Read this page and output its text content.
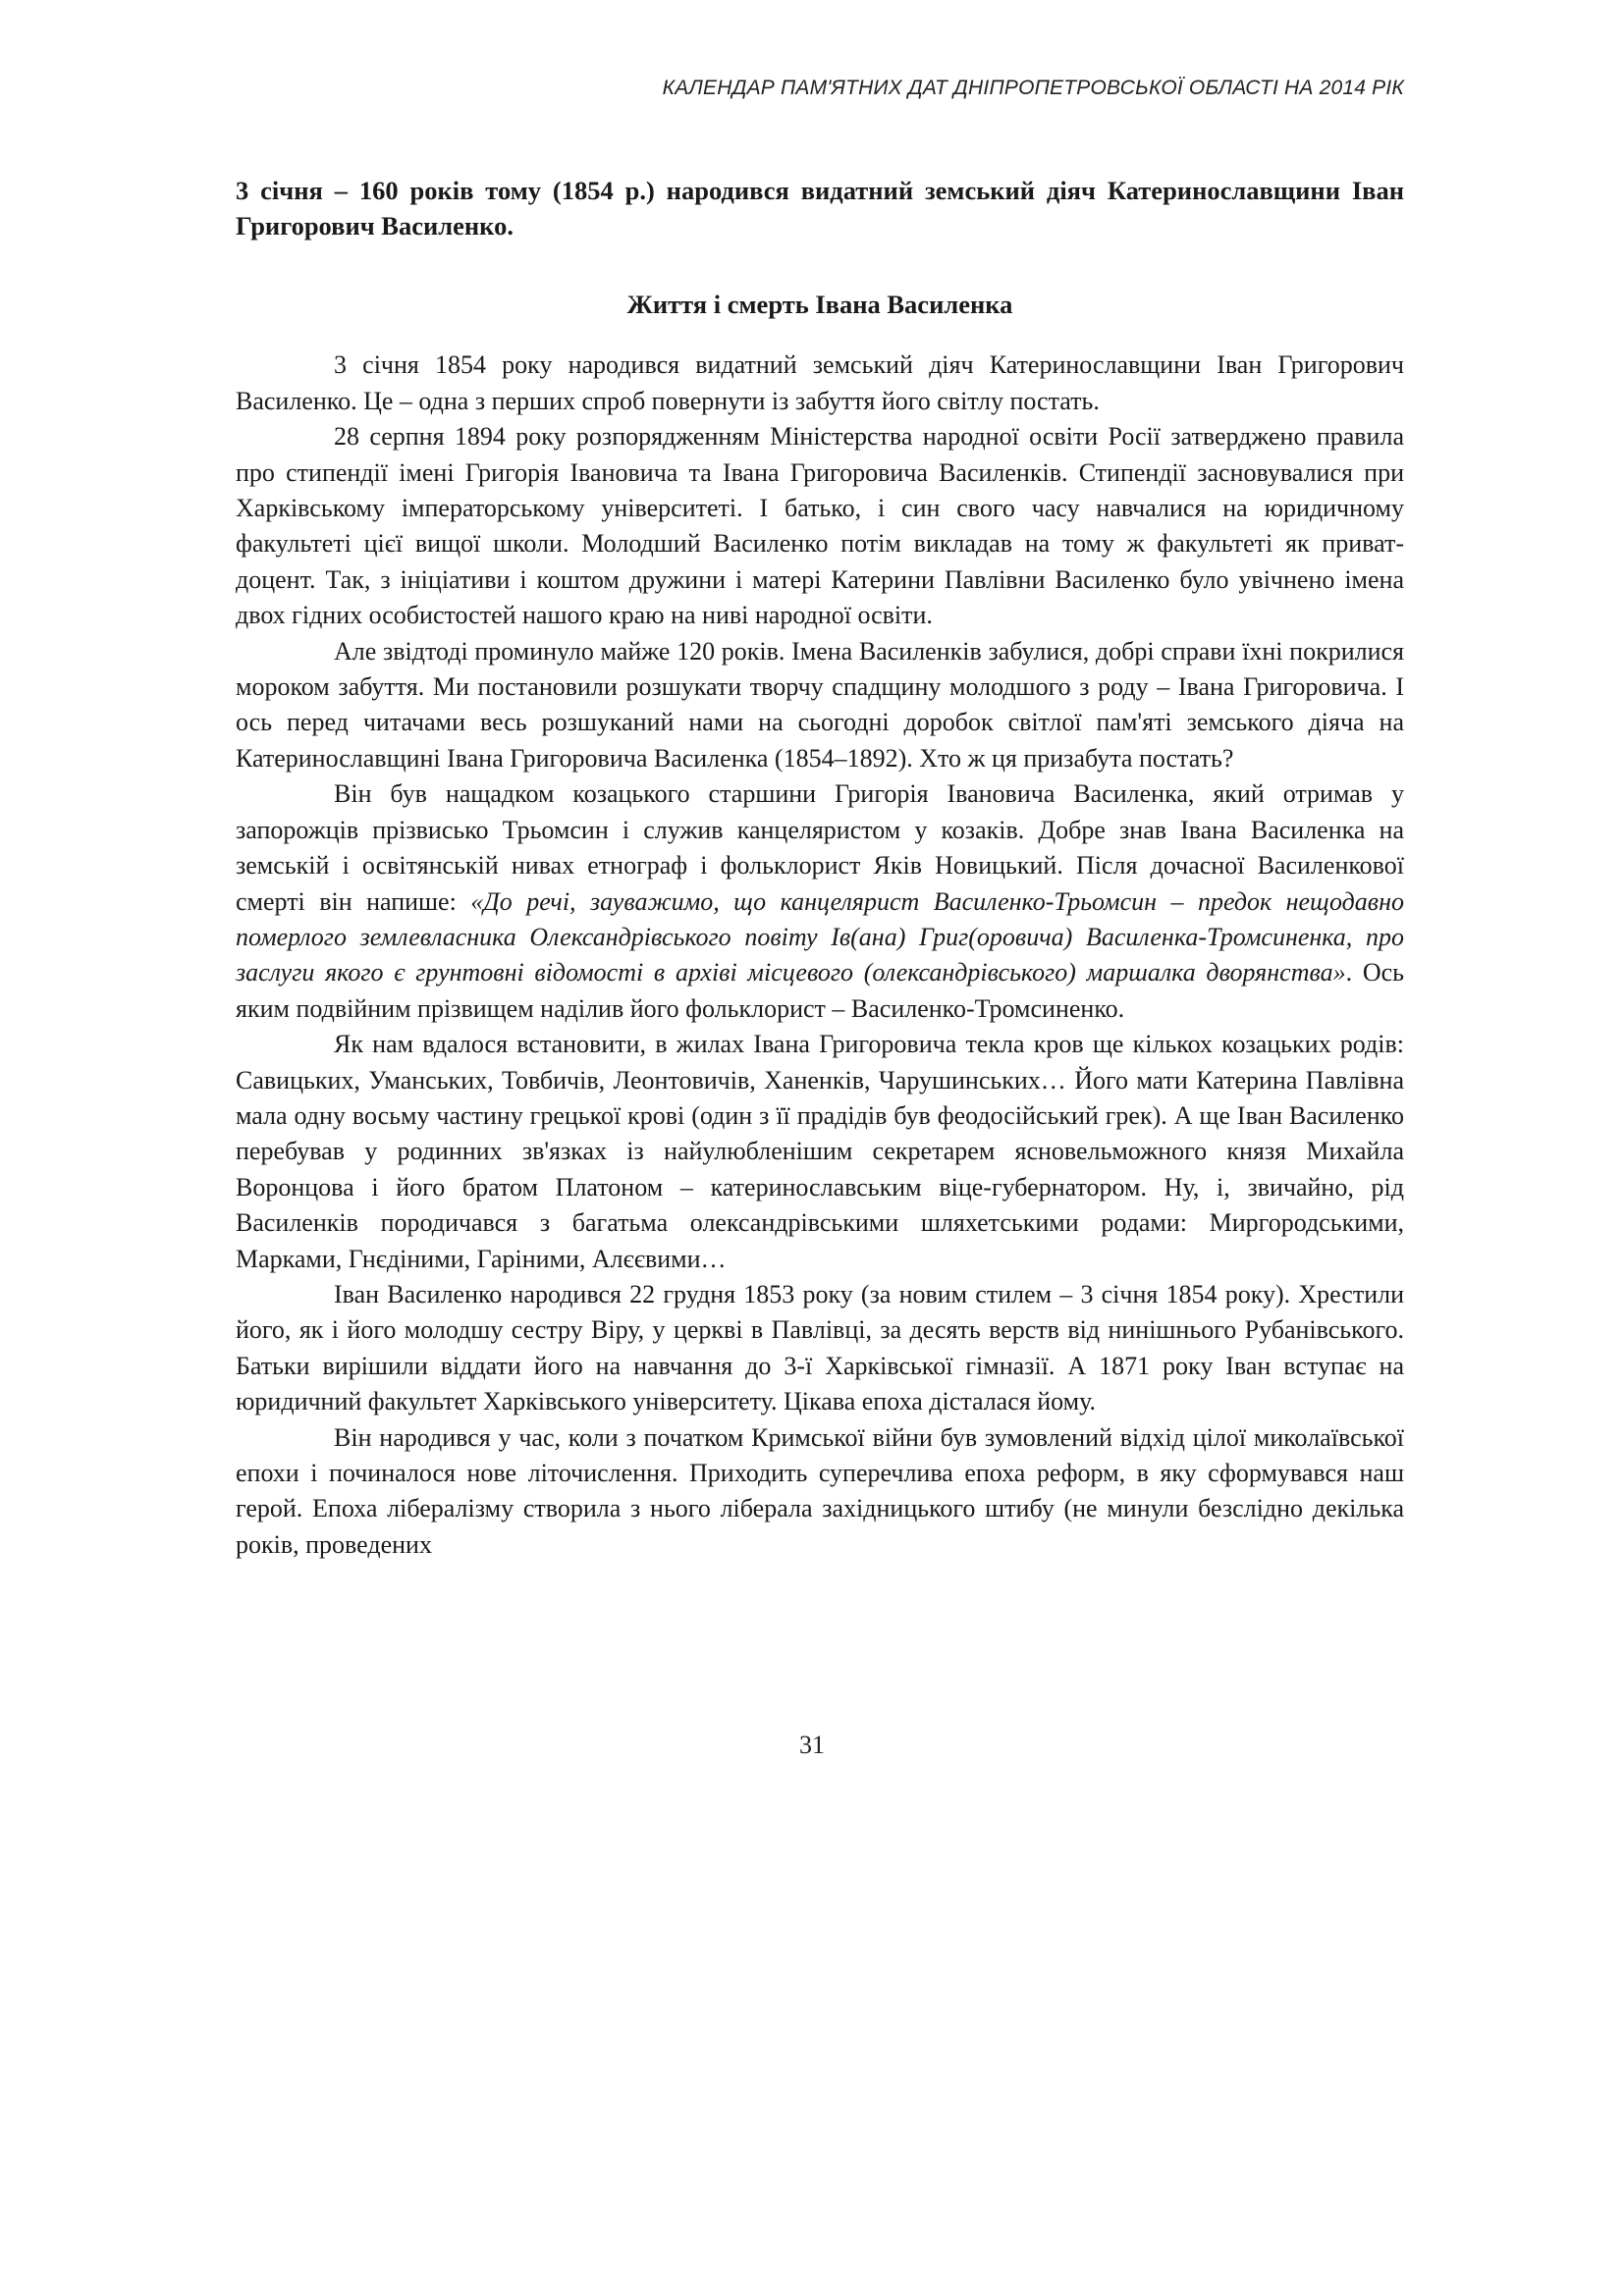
КАЛЕНДАР ПАМ'ЯТНИХ ДАТ ДНІПРОПЕТРОВСЬКОЇ ОБЛАСТІ НА 2014 РІК

3 січня – 160 років тому (1854 р.) народився видатний земський діяч Катеринославщини Іван Григорович Василенко.

Життя і смерть Івана Василенка

3 січня 1854 року народився видатний земський діяч Катеринославщини Іван Григорович Василенко. Це – одна з перших спроб повернути із забуття його світлу постать.

28 серпня 1894 року розпорядженням Міністерства народної освіти Росії затверджено правила про стипендії імені Григорія Івановича та Івана Григоровича Василенків. Стипендії засновувалися при Харківському імператорському університеті. І батько, і син свого часу навчалися на юридичному факультеті цієї вищої школи. Молодший Василенко потім викладав на тому ж факультеті як приват-доцент. Так, з ініціативи і коштом дружини і матері Катерини Павлівни Василенко було увічнено імена двох гідних особистостей нашого краю на ниві народної освіти.

Але звідтоді проминуло майже 120 років. Імена Василенків забулися, добрі справи їхні покрилися мороком забуття. Ми постановили розшукати творчу спадщину молодшого з роду – Івана Григоровича. І ось перед читачами весь розшуканий нами на сьогодні доробок світлої пам'яті земського діяча на Катеринославщині Івана Григоровича Василенка (1854–1892). Хто ж ця призабута постать?

Він був нащадком козацького старшини Григорія Івановича Василенка, який отримав у запорожців прізвисько Трьомсин і служив канцеляристом у козаків. Добре знав Івана Василенка на земській і освітянській нивах етнограф і фольклорист Яків Новицький. Після дочасної Василенкової смерті він напише: «До речі, зауважимо, що канцелярист Василенко-Трьомсин – предок нещодавно померлого землевласника Олександрівського повіту Ів(ана) Григ(оровича) Василенка-Тромсиненка, про заслуги якого є грунтовні відомості в архіві місцевого (олександрівського) маршалка дворянства». Ось яким подвійним прізвищем наділив його фольклорист – Василенко-Тромсиненко.

Як нам вдалося встановити, в жилах Івана Григоровича текла кров ще кількох козацьких родів: Савицьких, Уманських, Товбичів, Леонтовичів, Ханенків, Чарушинських… Його мати Катерина Павлівна мала одну восьму частину грецької крові (один з її прадідів був феодосійський грек). А ще Іван Василенко перебував у родинних зв'язках із найулюбленішим секретарем ясновельможного князя Михайла Воронцова і його братом Платоном – катеринославським віце-губернатором. Ну, і, звичайно, рід Василенків породичався з багатьма олександрівськими шляхетськими родами: Миргородськими, Марками, Гнєдіними, Гаріними, Алєєвими…

Іван Василенко народився 22 грудня 1853 року (за новим стилем – 3 січня 1854 року). Хрестили його, як і його молодшу сестру Віру, у церкві в Павлівці, за десять верств від нинішнього Рубанівського. Батьки вирішили віддати його на навчання до 3-ї Харківської гімназії. А 1871 року Іван вступає на юридичний факультет Харківського університету. Цікава епоха дісталася йому.

Він народився у час, коли з початком Кримської війни був зумовлений відхід цілої миколаївської епохи і починалося нове літочислення. Приходить суперечлива епоха реформ, в яку сформувався наш герой. Епоха лібералізму створила з нього ліберала західницького штибу (не минули безслідно декілька років, проведених

31
